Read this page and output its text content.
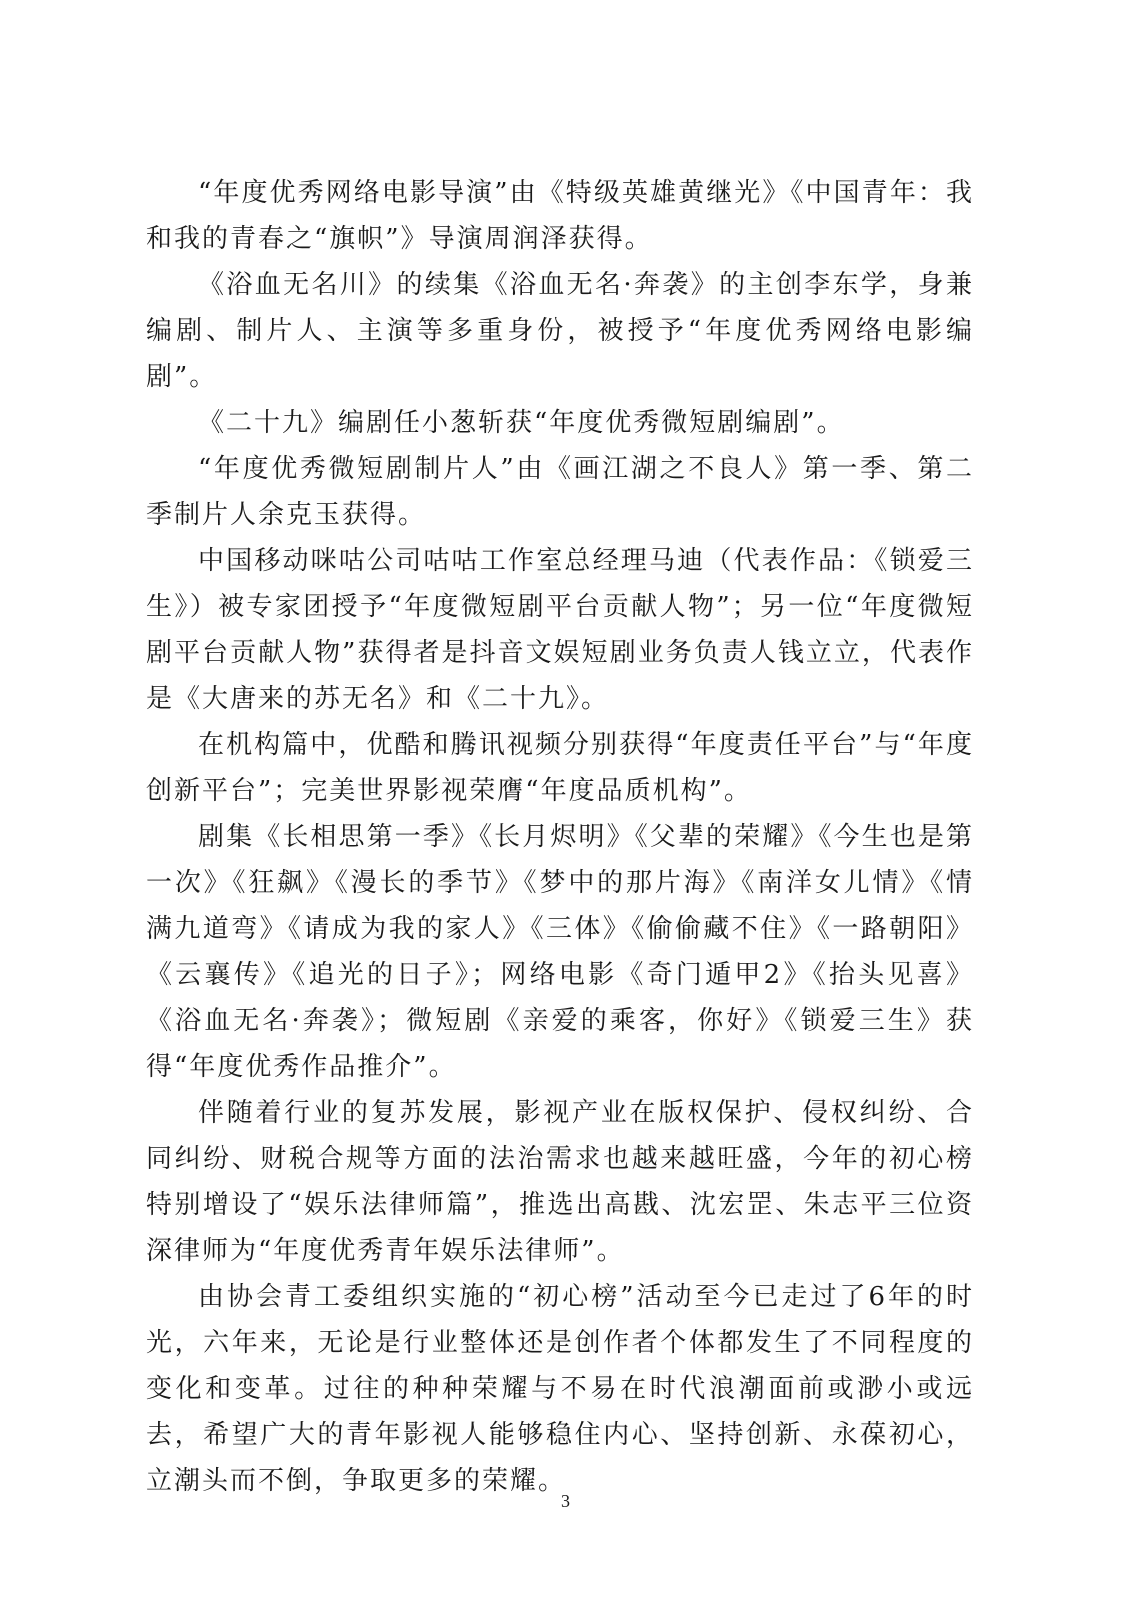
“年度优秀网络电影导演”由《特级英雄黄继光》《中国青年：我和我的青春之“旗帜”》导演周润泽获得。

《浴血无名川》的续集《浴血无名·奔袭》的主创李东学，身兼编剧、制片人、主演等多重身份，被授予“年度优秀网络电影编剧”。

《二十九》编剧任小葱斩获“年度优秀微短剧编剧”。

“年度优秀微短剧制片人”由《画江湖之不良人》第一季、第二季制片人余克玉获得。

中国移动咪咕公司咕咕工作室总经理马迪（代表作品：《锁爱三生》）被专家团授予“年度微短剧平台贡献人物”；另一位“年度微短剧平台贡献人物”获得者是抖音文娱短剧业务负责人钱立立，代表作是《大唐来的苏无名》和《二十九》。

在机构篇中，优酷和腾讯视频分别获得“年度责任平台”与“年度创新平台”；完美世界影视荣膺“年度品质机构”。

剧集《长相思第一季》《长月烬明》《父辈的荣耀》《今生也是第一次》《狂飙》《漫长的季节》《梦中的那片海》《南洋女儿情》《情满九道弯》《请成为我的家人》《三体》《偷偷藏不住》《一路朝阳》《云襄传》《追光的日子》；网络电影《奇门遁甲2》《抬头见喜》《浴血无名·奔袭》；微短剧《亲爱的乘客，你好》《锁爱三生》获得“年度优秀作品推介”。

伴随着行业的复苏发展，影视产业在版权保护、侵权纠纷、合同纠纷、财税合规等方面的法治需求也越来越旺盛，今年的初心榜特别增设了“娱乐法律师篇”，推选出高戡、沈宏罡、朱志平三位资深律师为“年度优秀青年娱乐法律师”。

由协会青工委组织实施的“初心榜”活动至今已走过了6年的时光，六年来，无论是行业整体还是创作者个体都发生了不同程度的变化和变革。过往的种种荣耀与不易在时代浪潮面前或渺小或远去，希望广大的青年影视人能够稳住内心、坚持创新、永葆初心，立潮头而不倒，争取更多的荣耀。

3
